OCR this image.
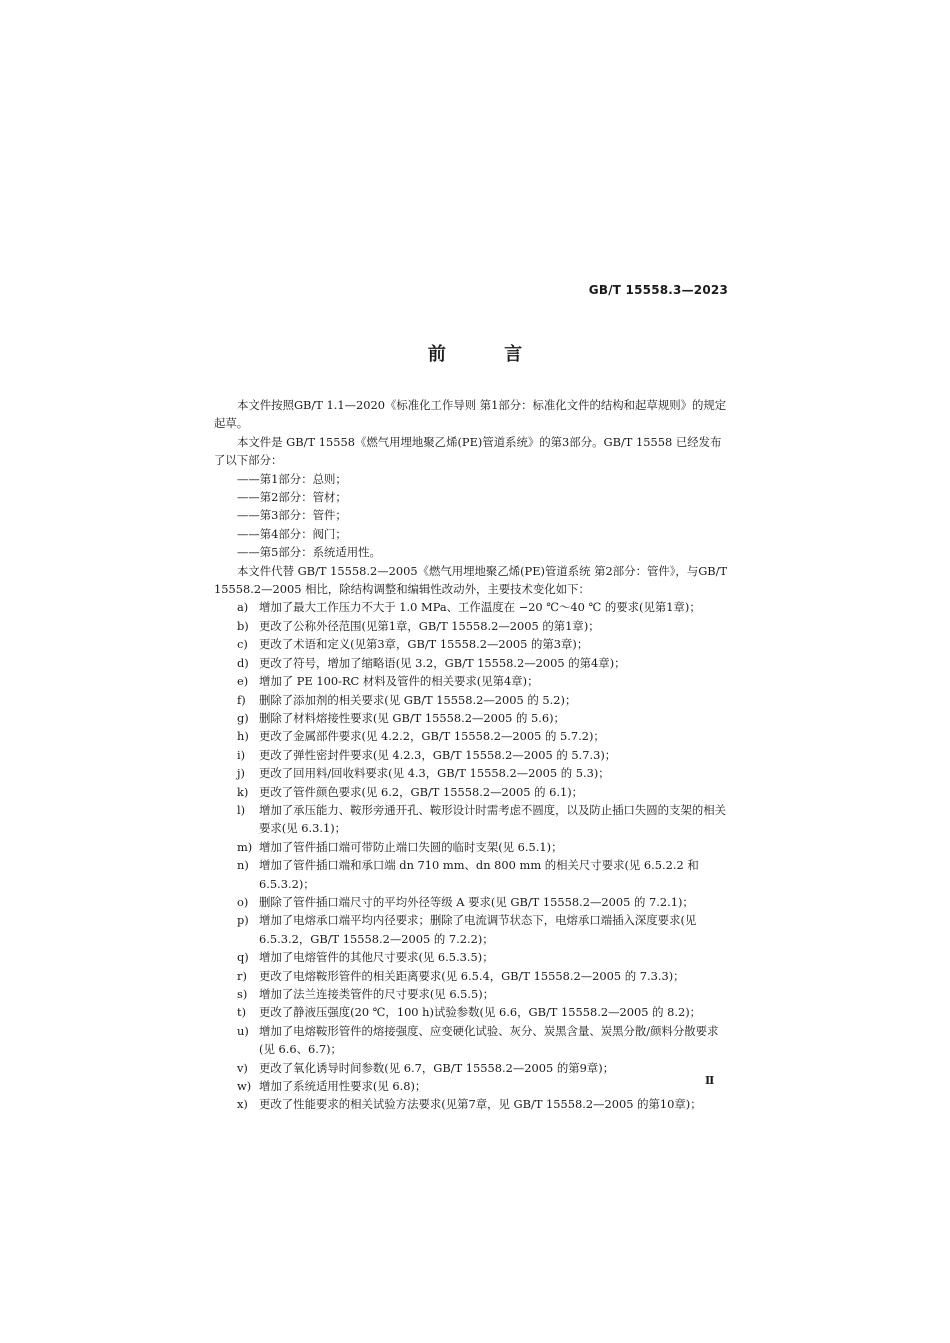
GB/T 15558.3—2023
前 言

本文件按照GB/T 1.1—2020《标准化工作导则 第1部分：标准化文件的结构和起草规则》的规定起草。

本文件是 GB/T 15558《燃气用埋地聚乙烯(PE)管道系统》的第3部分。GB/T 15558 已经发布了以下部分：

——第1部分：总则；

——第2部分：管材；

——第3部分：管件；

——第4部分：阀门；

——第5部分：系统适用性。

本文件代替 GB/T 15558.2—2005《燃气用埋地聚乙烯(PE)管道系统 第2部分：管件》，与GB/T 15558.2—2005 相比，除结构调整和编辑性改动外，主要技术变化如下：

a) 增加了最大工作压力不大于 1.0 MPa、工作温度在 −20 ℃～40 ℃ 的要求(见第1章)；
b) 更改了公称外径范围(见第1章，GB/T 15558.2—2005 的第1章)；
c) 更改了术语和定义(见第3章，GB/T 15558.2—2005 的第3章)；
d) 更改了符号，增加了缩略语(见 3.2，GB/T 15558.2—2005 的第4章)；
e) 增加了 PE 100-RC 材料及管件的相关要求(见第4章)；
f)	删除了添加剂的相关要求(见 GB/T 15558.2—2005 的 5.2)；
g) 删除了材料熔接性要求(见 GB/T 15558.2—2005 的 5.6)；
h) 更改了金属部件要求(见 4.2.2，GB/T 15558.2—2005 的 5.7.2)；
i)	更改了弹性密封件要求(见 4.2.3，GB/T 15558.2—2005 的 5.7.3)；
j)	更改了回用料/回收料要求(见 4.3，GB/T 15558.2—2005 的 5.3)；
k) 更改了管件颜色要求(见 6.2，GB/T 15558.2—2005 的 6.1)；
l)	增加了承压能力、鞍形旁通开孔、鞍形设计时需考虑不圆度，以及防止插口失圆的支架的相关要求(见 6.3.1)；
m) 增加了管件插口端可带防止端口失圆的临时支架(见 6.5.1)；
n) 增加了管件插口端和承口端 dn 710 mm、dn 800 mm 的相关尺寸要求(见 6.5.2.2 和 6.5.3.2)；
o) 删除了管件插口端尺寸的平均外径等级 A 要求(见 GB/T 15558.2—2005 的 7.2.1)；
p) 增加了电熔承口端平均内径要求；删除了电流调节状态下，电熔承口端插入深度要求(见 6.5.3.2，GB/T 15558.2—2005 的 7.2.2)；
q) 增加了电熔管件的其他尺寸要求(见 6.5.3.5)；
r)	更改了电熔鞍形管件的相关距离要求(见 6.5.4，GB/T 15558.2—2005 的 7.3.3)；
s)	增加了法兰连接类管件的尺寸要求(见 6.5.5)；
t)	更改了静液压强度(20 ℃，100 h)试验参数(见 6.6，GB/T 15558.2—2005 的 8.2)；
u) 增加了电熔鞍形管件的熔接强度、应变硬化试验、灰分、炭黑含量、炭黑分散/颜料分散要求(见 6.6、6.7)；
v) 更改了氧化诱导时间参数(见 6.7，GB/T 15558.2—2005 的第9章)；
w) 增加了系统适用性要求(见 6.8)；
x) 更改了性能要求的相关试验方法要求(见第7章，见 GB/T 15558.2—2005 的第10章)；
Ⅱ
